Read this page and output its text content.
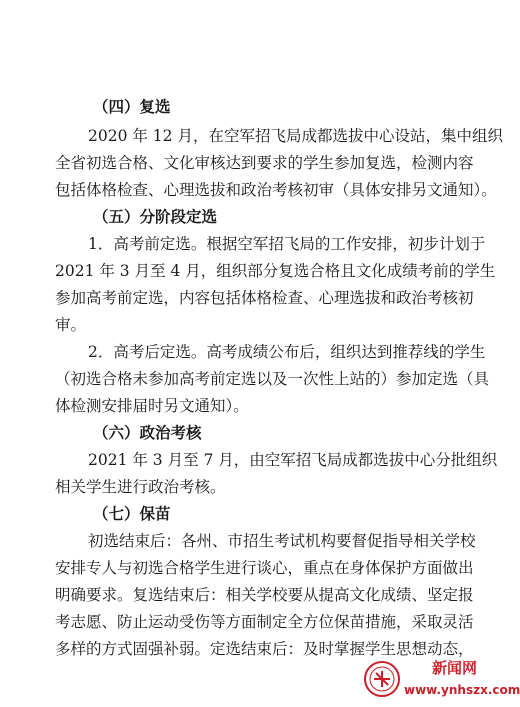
（四）复选
2020 年 12 月，在空军招飞局成都选拔中心设站，集中组织
全省初选合格、文化审核达到要求的学生参加复选，检测内容
包括体格检查、心理选拔和政治考核初审（具体安排另文通知）。
（五）分阶段定选
1．高考前定选。根据空军招飞局的工作安排，初步计划于
2021 年 3 月至 4 月，组织部分复选合格且文化成绩考前的学生
参加高考前定选，内容包括体格检查、心理选拔和政治考核初
审。
2．高考后定选。高考成绩公布后，组织达到推荐线的学生
（初选合格未参加高考前定选以及一次性上站的）参加定选（具
体检测安排届时另文通知）。
（六）政治考核
2021 年 3 月至 7 月，由空军招飞局成都选拔中心分批组织
相关学生进行政治考核。
（七）保苗
初选结束后：各州、市招生考试机构要督促指导相关学校
安排专人与初选合格学生进行谈心，重点在身体保护方面做出
明确要求。复选结束后：相关学校要从提高文化成绩、坚定报
考志愿、防止运动受伤等方面制定全方位保苗措施，采取灵活
多样的方式固强补弱。定选结束后：及时掌握学生思想动态，
新闻网
www.ynhszx.com
